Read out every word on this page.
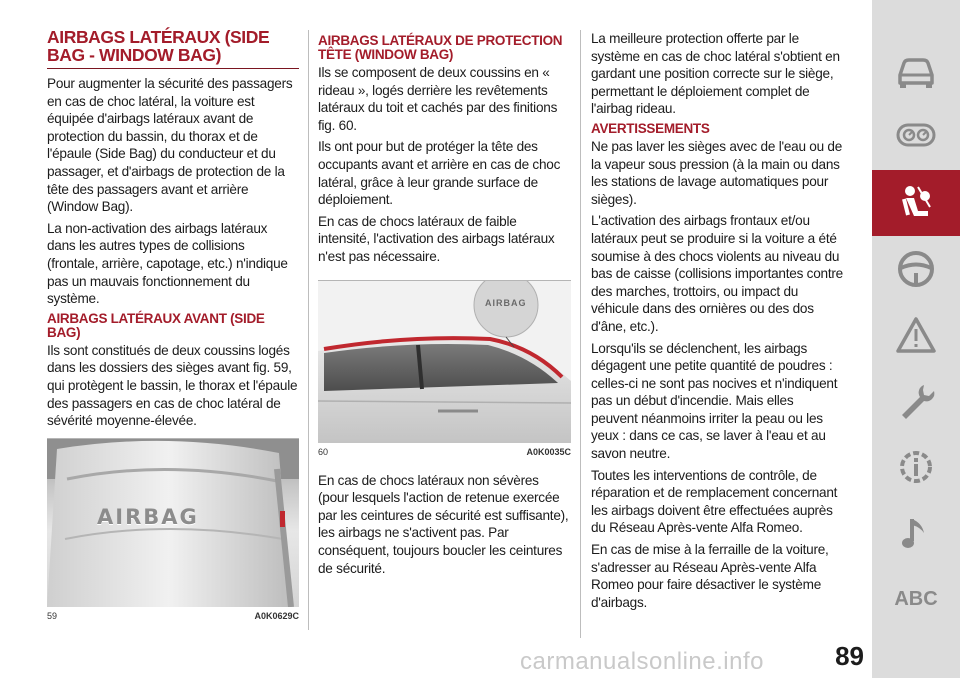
AIRBAGS LATÉRAUX (SIDE BAG - WINDOW BAG)

Pour augmenter la sécurité des passagers en cas de choc latéral, la voiture est équipée d'airbags latéraux avant de protection du bassin, du thorax et de l'épaule (Side Bag) du conducteur et du passager, et d'airbags de protection de la tête des passagers avant et arrière (Window Bag).

La non-activation des airbags latéraux dans les autres types de collisions (frontale, arrière, capotage, etc.) n'indique pas un mauvais fonctionnement du système.

AIRBAGS LATÉRAUX AVANT (SIDE BAG)

Ils sont constitués de deux coussins logés dans les dossiers des sièges avant fig. 59, qui protègent le bassin, le thorax et l'épaule des passagers en cas de choc latéral de sévérité moyenne-élevée.

AIRBAG
59	A0K0629C
AIRBAGS LATÉRAUX DE PROTECTION TÊTE (WINDOW BAG)

Ils se composent de deux coussins en « rideau », logés derrière les revêtements latéraux du toit et cachés par des finitions fig. 60.

Ils ont pour but de protéger la tête des occupants avant et arrière en cas de choc latéral, grâce à leur grande surface de déploiement.

En cas de chocs latéraux de faible intensité, l'activation des airbags latéraux n'est pas nécessaire.

AIRBAG
60	A0K0035C

En cas de chocs latéraux non sévères (pour lesquels l'action de retenue exercée par les ceintures de sécurité est suffisante), les airbags ne s'activent pas. Par conséquent, toujours boucler les ceintures de sécurité.

La meilleure protection offerte par le système en cas de choc latéral s'obtient en gardant une position correcte sur le siège, permettant le déploiement complet de l'airbag rideau.

AVERTISSEMENTS

Ne pas laver les sièges avec de l'eau ou de la vapeur sous pression (à la main ou dans les stations de lavage automatiques pour sièges).

L'activation des airbags frontaux et/ou latéraux peut se produire si la voiture a été soumise à des chocs violents au niveau du bas de caisse (collisions importantes contre des marches, trottoirs, ou impact du véhicule dans des ornières ou des dos d'âne, etc.).

Lorsqu'ils se déclenchent, les airbags dégagent une petite quantité de poudres : celles-ci ne sont pas nocives et n'indiquent pas un début d'incendie. Mais elles peuvent néanmoins irriter la peau ou les yeux : dans ce cas, se laver à l'eau et au savon neutre.

Toutes les interventions de contrôle, de réparation et de remplacement concernant les airbags doivent être effectuées auprès du Réseau Après-vente Alfa Romeo.

En cas de mise à la ferraille de la voiture, s'adresser au Réseau Après-vente Alfa Romeo pour faire désactiver le système d'airbags.	ABC
carmanualsonline.info	89
